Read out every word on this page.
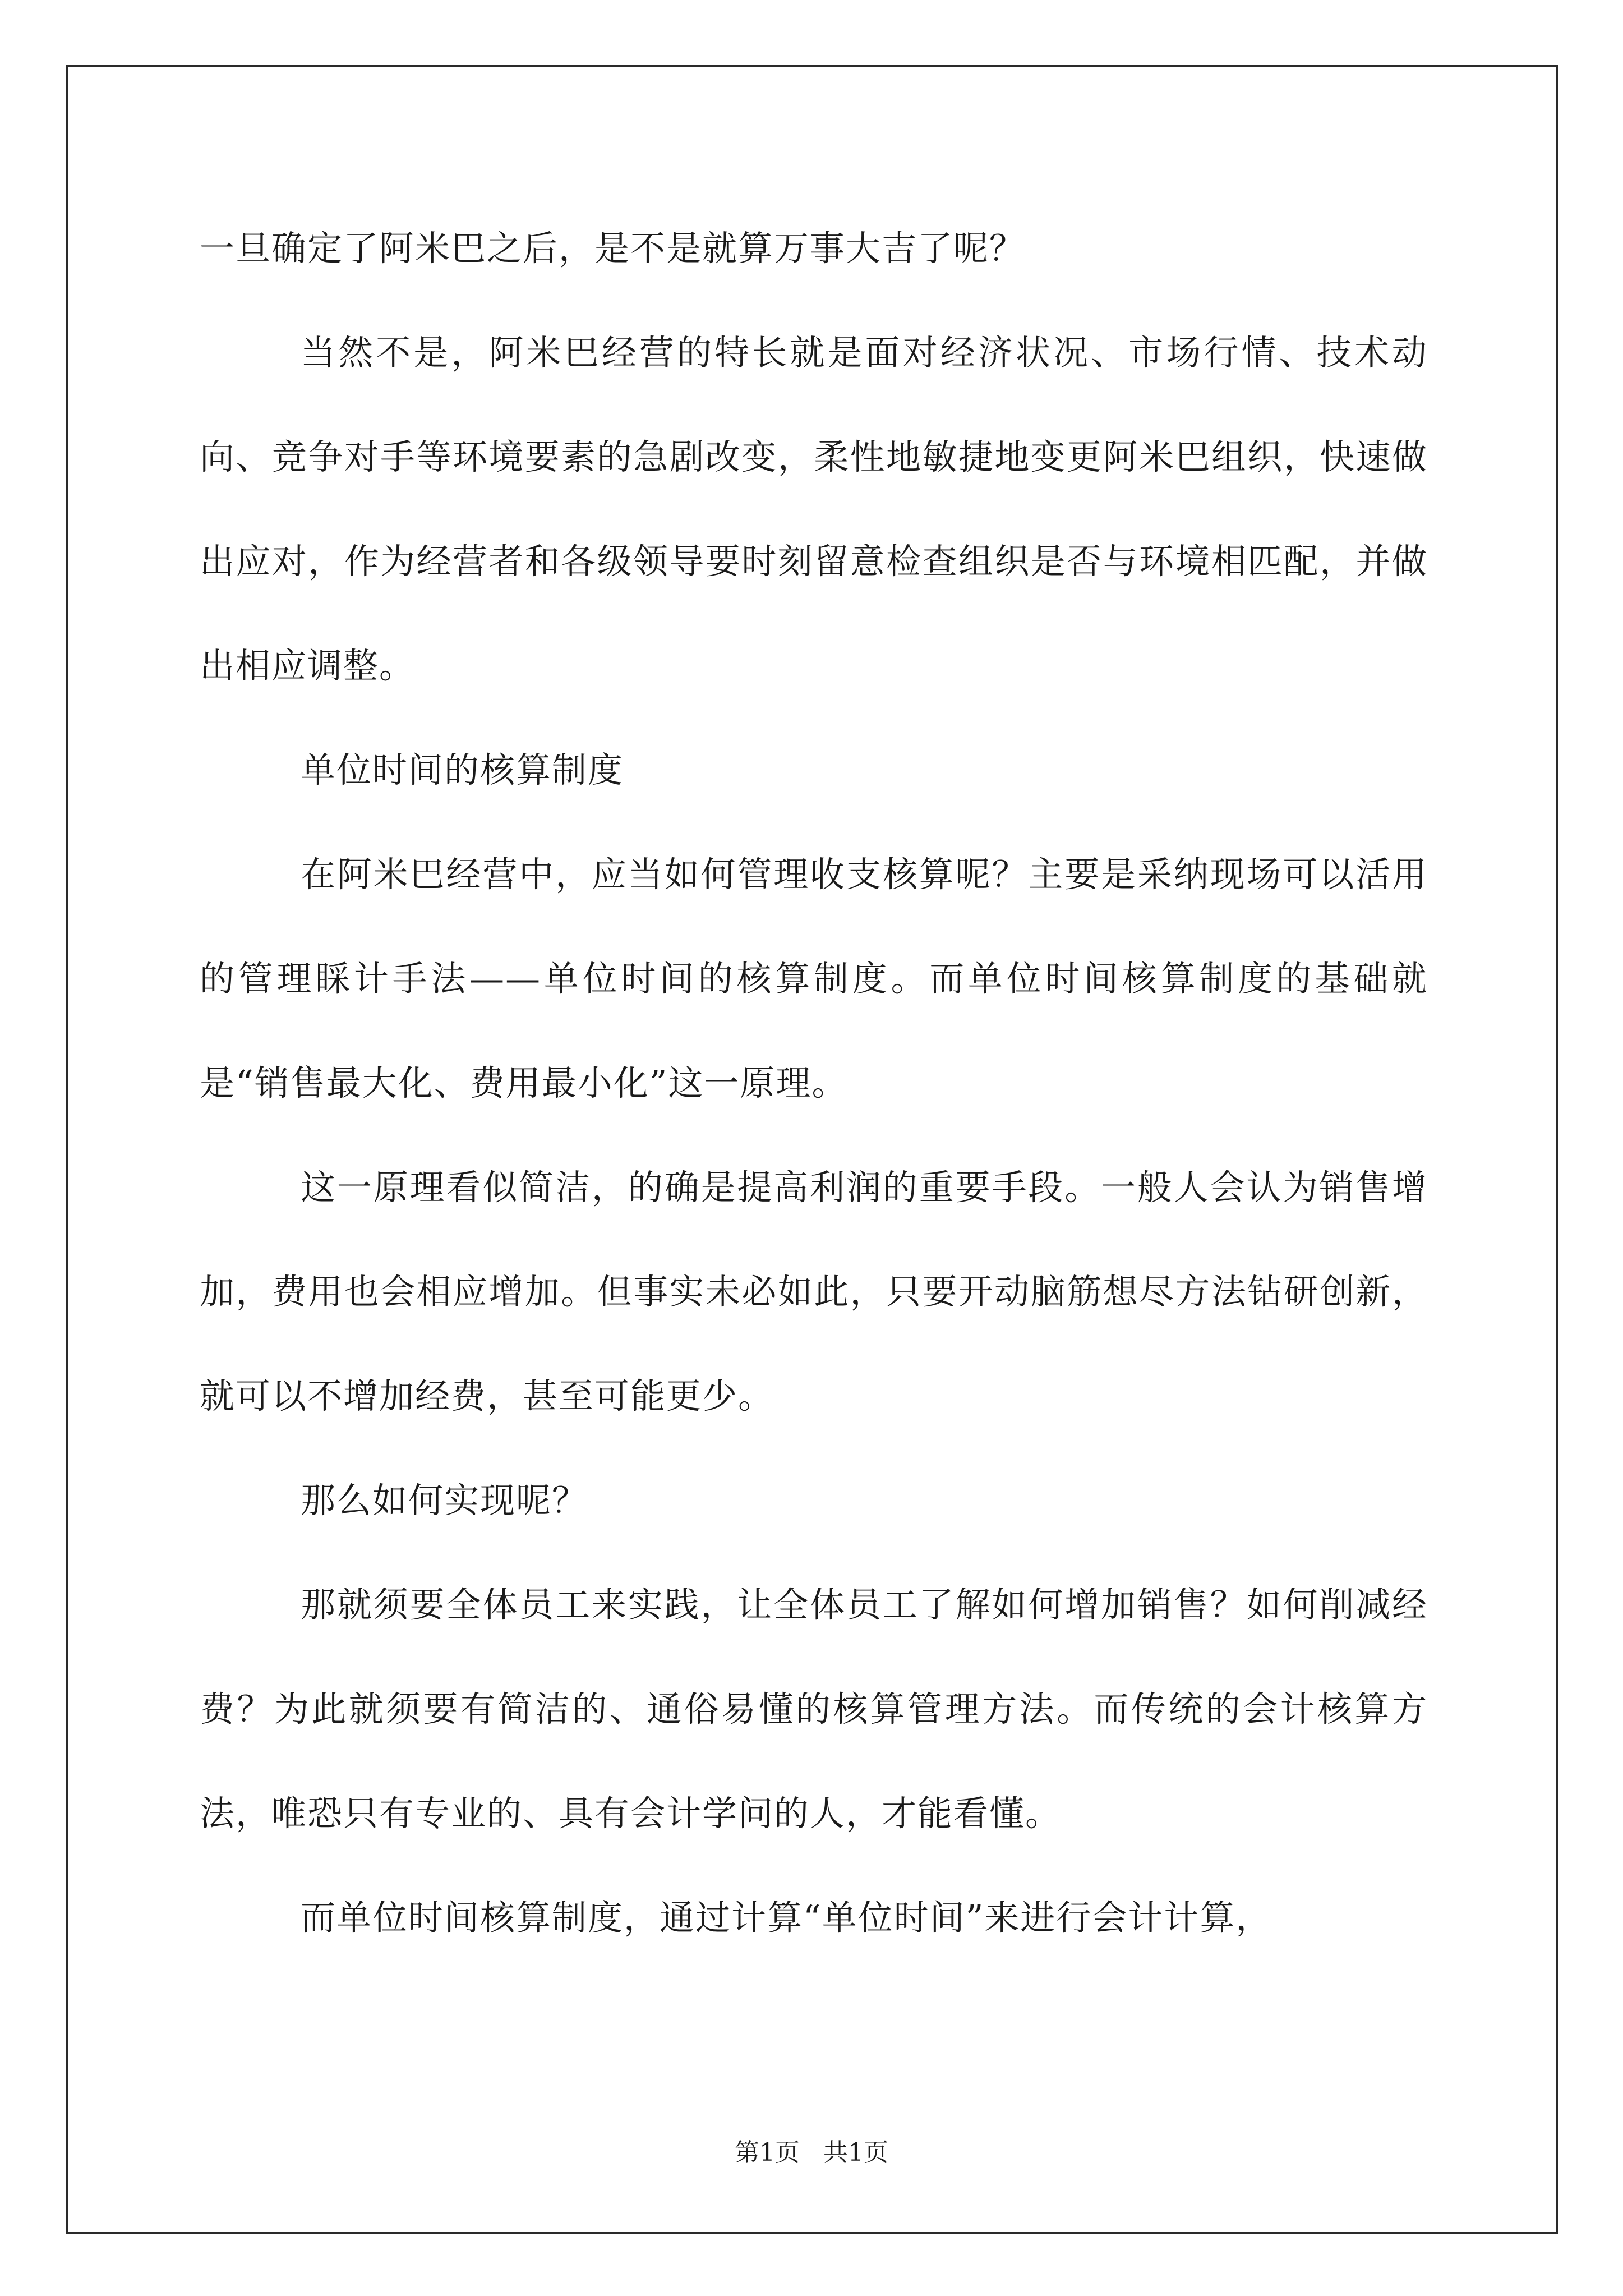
一旦确定了阿米巴之后，是不是就算万事大吉了呢？

当然不是，阿米巴经营的特长就是面对经济状况、市场行情、技术动向、竞争对手等环境要素的急剧改变，柔性地敏捷地变更阿米巴组织，快速做出应对，作为经营者和各级领导要时刻留意检查组织是否与环境相匹配，并做出相应调整。

单位时间的核算制度

在阿米巴经营中，应当如何管理收支核算呢？主要是采纳现场可以活用的管理睬计手法——单位时间的核算制度。而单位时间核算制度的基础就是“销售最大化、费用最小化”这一原理。

这一原理看似简洁，的确是提高利润的重要手段。一般人会认为销售增加，费用也会相应增加。但事实未必如此，只要开动脑筋想尽方法钻研创新，就可以不增加经费，甚至可能更少。

那么如何实现呢？

那就须要全体员工来实践，让全体员工了解如何增加销售？如何削减经费？为此就须要有简洁的、通俗易懂的核算管理方法。而传统的会计核算方法，唯恐只有专业的、具有会计学问的人，才能看懂。

而单位时间核算制度，通过计算“单位时间”来进行会计计算，

第1页   共1页
